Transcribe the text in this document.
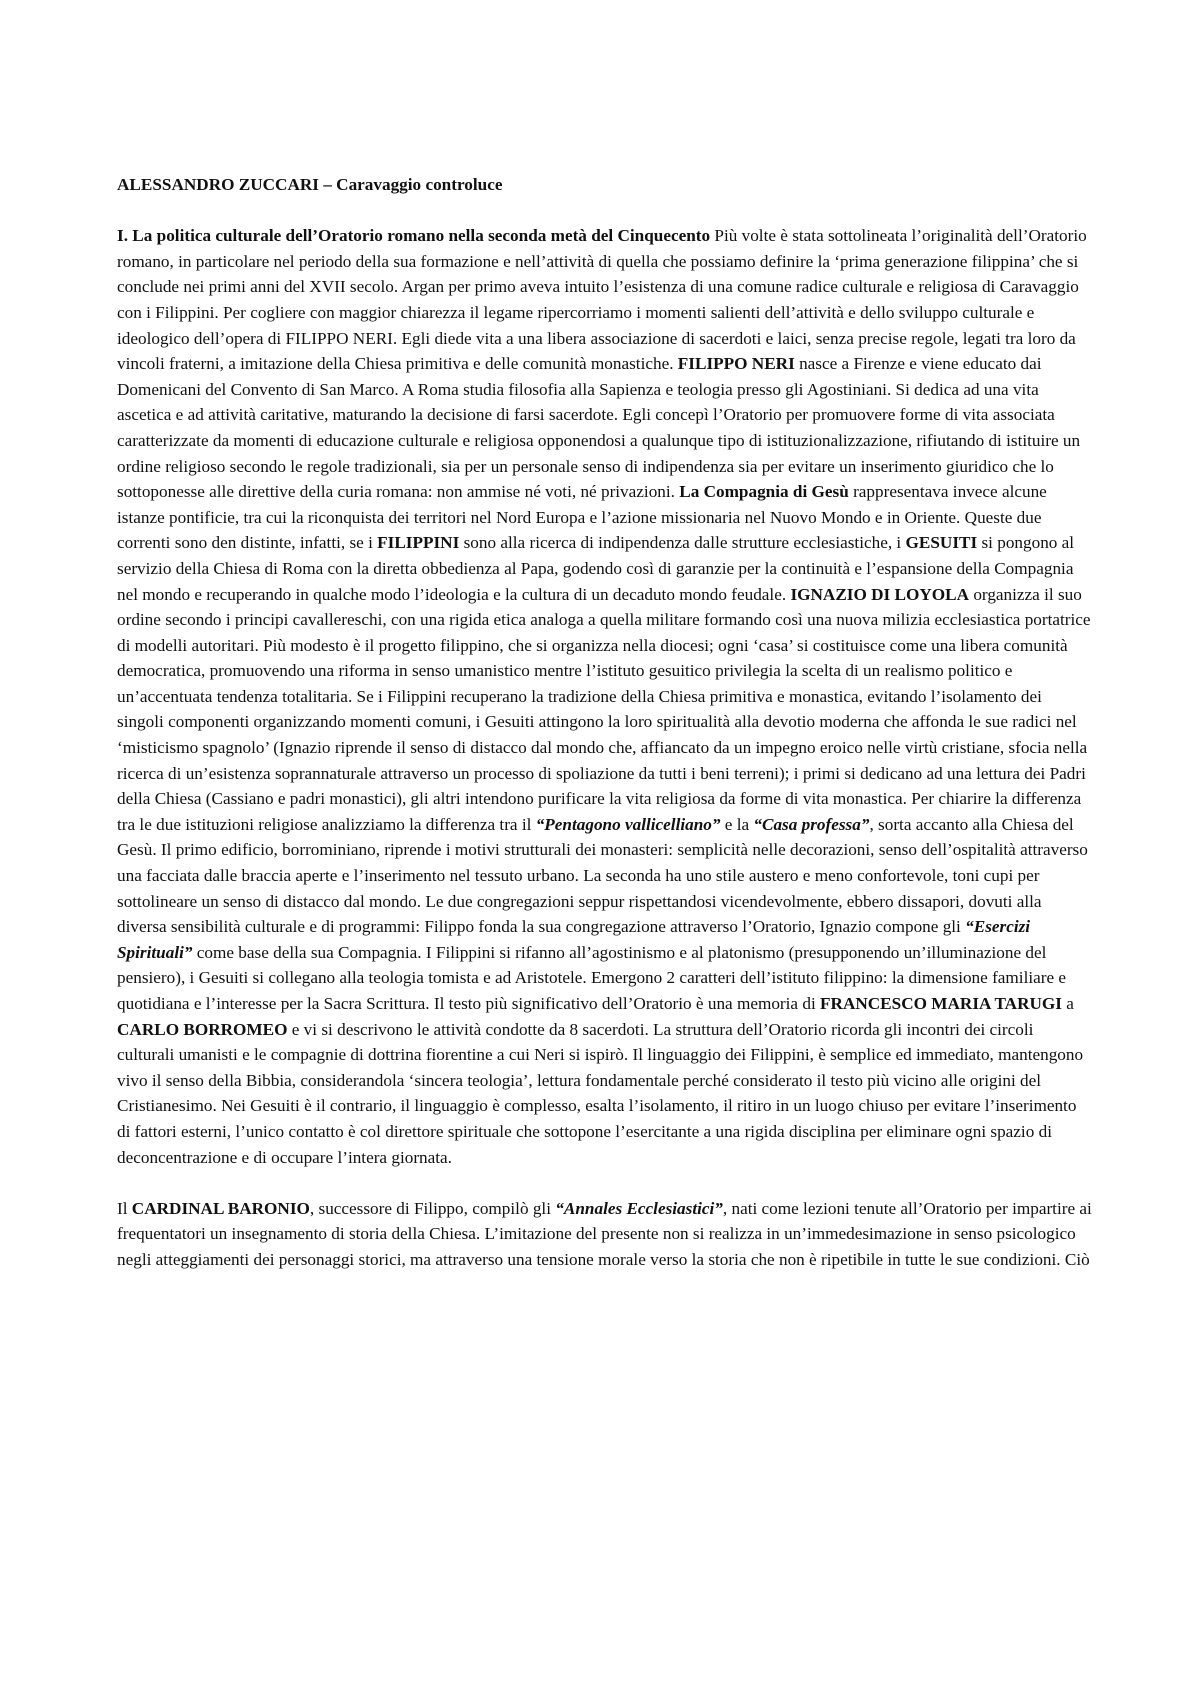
ALESSANDRO ZUCCARI – Caravaggio controluce

I. La politica culturale dell’Oratorio romano nella seconda metà del Cinquecento Più volte è stata sottolineata l’originalità dell’Oratorio romano, in particolare nel periodo della sua formazione e nell’attività di quella che possiamo definire la ‘prima generazione filippina’ che si conclude nei primi anni del XVII secolo. Argan per primo aveva intuito l’esistenza di una comune radice culturale e religiosa di Caravaggio con i Filippini. Per cogliere con maggior chiarezza il legame ripercorriamo i momenti salienti dell’attività e dello sviluppo culturale e ideologico dell’opera di FILIPPO NERI. Egli diede vita a una libera associazione di sacerdoti e laici, senza precise regole, legati tra loro da vincoli fraterni, a imitazione della Chiesa primitiva e delle comunità monastiche. FILIPPO NERI nasce a Firenze e viene educato dai Domenicani del Convento di San Marco. A Roma studia filosofia alla Sapienza e teologia presso gli Agostiniani. Si dedica ad una vita ascetica e ad attività caritative, maturando la decisione di farsi sacerdote. Egli concepì l’Oratorio per promuovere forme di vita associata caratterizzate da momenti di educazione culturale e religiosa opponendosi a qualunque tipo di istituzionalizzazione, rifiutando di istituire un ordine religioso secondo le regole tradizionali, sia per un personale senso di indipendenza sia per evitare un inserimento giuridico che lo sottoponesse alle direttive della curia romana: non ammise né voti, né privazioni. La Compagnia di Gesù rappresentava invece alcune istanze pontificie, tra cui la riconquista dei territori nel Nord Europa e l’azione missionaria nel Nuovo Mondo e in Oriente. Queste due correnti sono den distinte, infatti, se i FILIPPINI sono alla ricerca di indipendenza dalle strutture ecclesiastiche, i GESUITI si pongono al servizio della Chiesa di Roma con la diretta obbedienza al Papa, godendo così di garanzie per la continuità e l’espansione della Compagnia nel mondo e recuperando in qualche modo l’ideologia e la cultura di un decaduto mondo feudale. IGNAZIO DI LOYOLA organizza il suo ordine secondo i principi cavallereschi, con una rigida etica analoga a quella militare formando così una nuova milizia ecclesiastica portatrice di modelli autoritari. Più modesto è il progetto filippino, che si organizza nella diocesi; ogni ‘casa’ si costituisce come una libera comunità democratica, promuovendo una riforma in senso umanistico mentre l’istituto gesuitico privilegia la scelta di un realismo politico e un’accentuata tendenza totalitaria. Se i Filippini recuperano la tradizione della Chiesa primitiva e monastica, evitando l’isolamento dei singoli componenti organizzando momenti comuni, i Gesuiti attingono la loro spiritualità alla devotio moderna che affonda le sue radici nel ‘misticismo spagnolo’ (Ignazio riprende il senso di distacco dal mondo che, affiancato da un impegno eroico nelle virtù cristiane, sfocia nella ricerca di un’esistenza soprannaturale attraverso un processo di spoliazione da tutti i beni terreni); i primi si dedicano ad una lettura dei Padri della Chiesa (Cassiano e padri monastici), gli altri intendono purificare la vita religiosa da forme di vita monastica. Per chiarire la differenza tra le due istituzioni religiose analizziamo la differenza tra il “Pentagono vallicelliano” e la “Casa professa”, sorta accanto alla Chiesa del Gesù. Il primo edificio, borrominiano, riprende i motivi strutturali dei monasteri: semplicità nelle decorazioni, senso dell’ospitalità attraverso una facciata dalle braccia aperte e l’inserimento nel tessuto urbano. La seconda ha uno stile austero e meno confortevole, toni cupi per sottolineare un senso di distacco dal mondo. Le due congregazioni seppur rispettandosi vicendevolmente, ebbero dissapori, dovuti alla diversa sensibilità culturale e di programmi: Filippo fonda la sua congregazione attraverso l’Oratorio, Ignazio compone gli “Esercizi Spirituali” come base della sua Compagnia. I Filippini si rifanno all’agostinismo e al platonismo (presupponendo un’illuminazione del pensiero), i Gesuiti si collegano alla teologia tomista e ad Aristotele. Emergono 2 caratteri dell’istituto filippino: la dimensione familiare e quotidiana e l’interesse per la Sacra Scrittura. Il testo più significativo dell’Oratorio è una memoria di FRANCESCO MARIA TARUGI a CARLO BORROMEO e vi si descrivono le attività condotte da 8 sacerdoti. La struttura dell’Oratorio ricorda gli incontri dei circoli culturali umanisti e le compagnie di dottrina fiorentine a cui Neri si ispirò. Il linguaggio dei Filippini, è semplice ed immediato, mantengono vivo il senso della Bibbia, considerandola ‘sincera teologia’, lettura fondamentale perché considerato il testo più vicino alle origini del Cristianesimo. Nei Gesuiti è il contrario, il linguaggio è complesso, esalta l’isolamento, il ritiro in un luogo chiuso per evitare l’inserimento di fattori esterni, l’unico contatto è col direttore spirituale che sottopone l’esercitante a una rigida disciplina per eliminare ogni spazio di deconcentrazione e di occupare l’intera giornata.

Il CARDINAL BARONIO, successore di Filippo, compilò gli “Annales Ecclesiastici”, nati come lezioni tenute all’Oratorio per impartire ai frequentatori un insegnamento di storia della Chiesa. L’imitazione del presente non si realizza in un’immedesimazione in senso psicologico negli atteggiamenti dei personaggi storici, ma attraverso una tensione morale verso la storia che non è ripetibile in tutte le sue condizioni. Ciò
